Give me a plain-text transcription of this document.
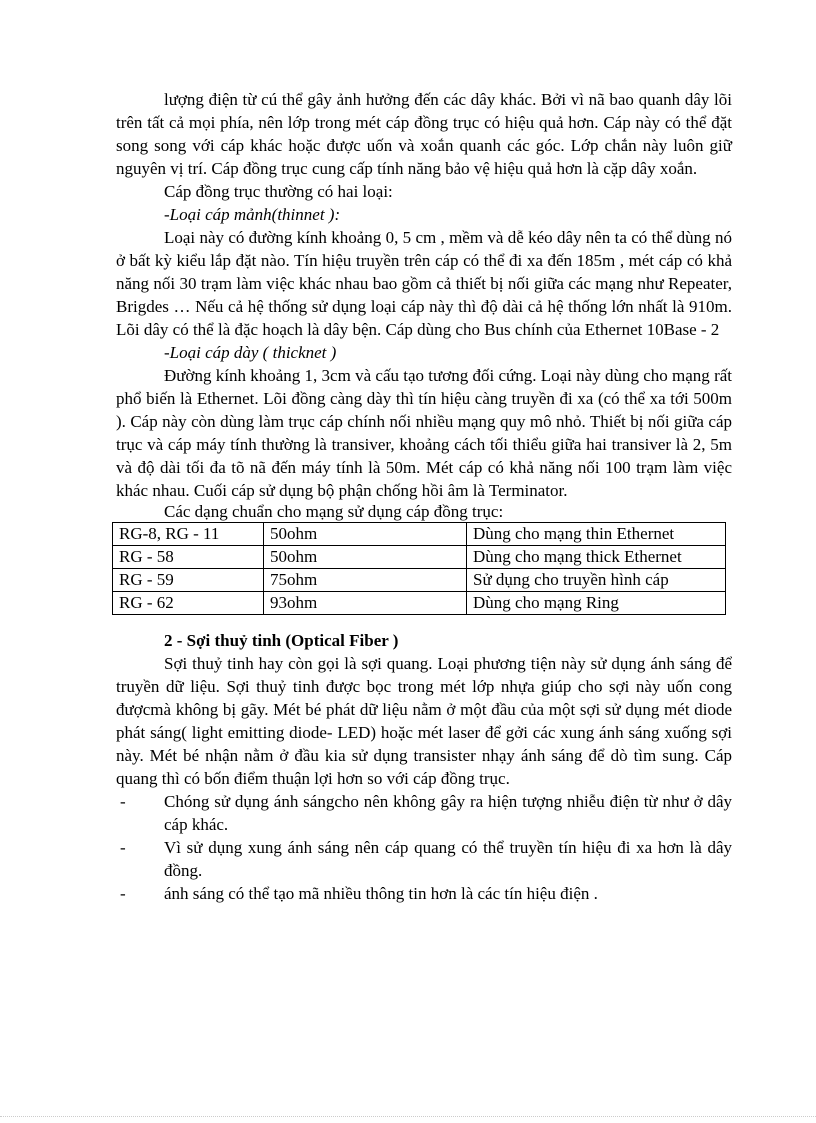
lượng điện từ cú thể gây ảnh hưởng đến các dây khác. Bởi vì nã bao quanh dây lõi trên tất cả mọi phía, nên lớp trong mét cáp đồng trục có hiệu quả hơn. Cáp này có thể đặt song song với cáp khác hoặc được uốn và xoắn quanh các góc. Lớp chắn này luôn giữ nguyên vị trí. Cáp đồng trục cung cấp tính năng bảo vệ hiệu quả hơn là cặp dây xoắn.

Cáp đồng trục thường có hai loại:

-Loại cáp mảnh(thinnet ):

Loại này có đường kính khoảng 0, 5 cm , mềm và dễ kéo dây nên ta có thể dùng nó ở bất kỳ kiểu lắp đặt nào. Tín hiệu truyền trên cáp có thể đi xa đến 185m , mét cáp có khả năng nối 30 trạm làm việc khác nhau bao gồm cả thiết bị nối giữa các mạng như Repeater, Brigdes … Nếu cả hệ thống sử dụng loại cáp này thì độ dài cả hệ thống lớn nhất là 910m. Lõi dây có thể là đặc hoạch là dây bện. Cáp dùng cho Bus chính của Ethernet 10Base - 2

-Loại cáp dày ( thicknet )

Đường kính khoảng 1, 3cm và cấu tạo tương đối cứng. Loại này dùng cho mạng rất phổ biến là Ethernet. Lõi đồng càng dày thì tín hiệu càng truyền đi xa (có thể xa tới 500m ). Cáp này còn dùng làm trục cáp chính nối nhiều mạng quy mô nhỏ. Thiết bị nối giữa cáp trục và cáp máy tính thường là transiver, khoảng cách tối thiểu giữa hai transiver là 2, 5m và độ dài tối đa tõ nã đến máy tính là 50m. Mét cáp có khả năng nối 100 trạm làm việc khác nhau. Cuối cáp sử dụng bộ phận chống hồi âm là Terminator.

Các dạng chuẩn cho mạng sử dụng cáp đồng trục:

RG-8, RG - 11	50ohm	Dùng cho mạng thin Ethernet
RG - 58	50ohm	Dùng cho mạng thick Ethernet
RG - 59	75ohm	Sử dụng cho truyền hình cáp
RG - 62	93ohm	Dùng cho mạng Ring

2 - Sợi thuỷ tinh (Optical Fiber )

Sợi thuỷ tinh hay còn gọi là sợi quang. Loại phương tiện này sử dụng ánh sáng để truyền dữ liệu. Sợi thuỷ tinh được bọc trong mét lớp nhựa giúp cho sợi này uốn cong đượcmà không bị gãy. Mét bé phát dữ liệu nằm ở một đầu của một sợi sử dụng mét diode phát sáng( light emitting diode- LED) hoặc mét laser để gởi các xung ánh sáng xuống sợi này. Mét bé nhận nằm ở đầu kia sử dụng transister nhạy ánh sáng để dò tìm sung. Cáp quang thì có bốn điểm thuận lợi hơn so với cáp đồng trục.

-	Chóng sử dụng ánh sángcho nên không gây ra hiện tượng nhiễu điện từ như ở dây cáp khác.
-	Vì sử dụng xung ánh sáng nên cáp quang có thể truyền tín hiệu đi xa hơn là dây đồng.
-	ánh sáng có thể tạo mã nhiều thông tin hơn là các tín hiệu điện .
